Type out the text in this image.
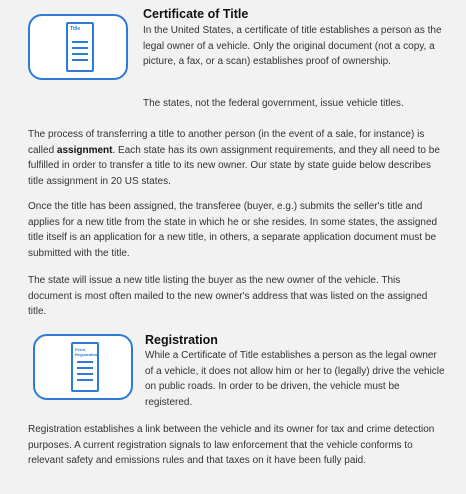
Title
Certificate of Title
In the United States, a certificate of title establishes a person as the legal owner of a vehicle. Only the original document (not a copy, a picture, a fax, or a scan) establishes proof of ownership.
The states, not the federal government, issue vehicle titles.
The process of transferring a title to another person (in the event of a sale, for instance) is called assignment. Each state has its own assignment requirements, and they all need to be fulfilled in order to transfer a title to its new owner. Our state by state guide below describes title assignment in 20 US states.
Once the title has been assigned, the transferee (buyer, e.g.) submits the seller's title and applies for a new title from the state in which he or she resides. In some states, the assigned title itself is an application for a new title, in others, a separate application document must be submitted with the title.
The state will issue a new title listing the buyer as the new owner of the vehicle. This document is most often mailed to the new owner's address that was listed on the assigned title.
Perm. Registration
Registration
While a Certificate of Title establishes a person as the legal owner of a vehicle, it does not allow him or her to (legally) drive the vehicle on public roads. In order to be driven, the vehicle must be registered.
Registration establishes a link between the vehicle and its owner for tax and crime detection purposes. A current registration signals to law enforcement that the vehicle conforms to relevant safety and emissions rules and that taxes on it have been fully paid.
